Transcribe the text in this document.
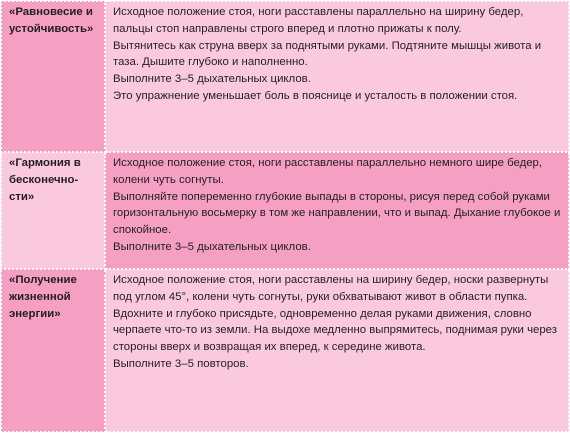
«Равновесие и устойчивость»	Исходное положение стоя, ноги расставлены параллельно на ширину бедер, пальцы стоп направлены строго вперед и плотно прижаты к полу.

Вытянитесь как струна вверх за поднятыми руками. Подтяните мышцы живота и таза. Дышите глубоко и наполненно.

Выполните 3–5 дыхательных циклов.

Это упражнение уменьшает боль в пояснице и усталость в положении стоя.

«Гармония в бесконечности»	Исходное положение стоя, ноги расставлены параллельно немного шире бедер, колени чуть согнуты.

Выполняйте попеременно глубокие выпады в стороны, рисуя перед собой руками горизонтальную восьмерку в том же направлении, что и выпад. Дыхание глубокое и спокойное.

Выполните 3–5 дыхательных циклов.

«Получение жизненной энергии»	Исходное положение стоя, ноги расставлены на ширину бедер, носки развернуты под углом 45°, колени чуть согнуты, руки обхватывают живот в области пупка.

Вдохните и глубоко присядьте, одновременно делая руками движения, словно черпаете что-то из земли. На выдохе медленно выпрямитесь, поднимая руки через стороны вверх и возвращая их вперед, к середине живота.

Выполните 3–5 повторов.
